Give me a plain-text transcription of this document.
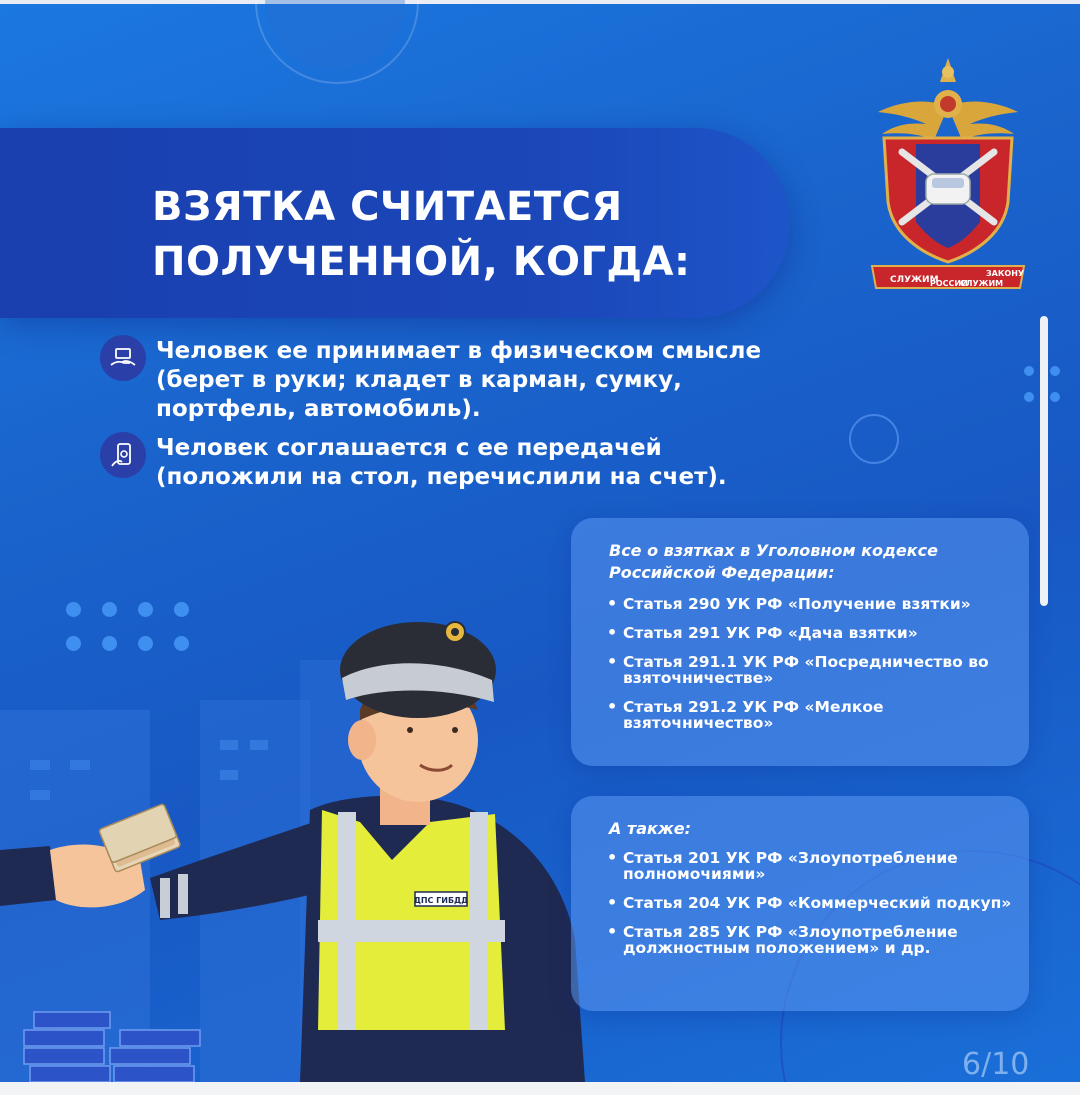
ВЗЯТКА СЧИТАЕТСЯ
ПОЛУЧЕННОЙ, КОГДА:	СЛУЖИМ
РОССИИ
СЛУЖИМ
ЗАКОНУ
Человек ее принимает в физическом смысле (берет в руки; кладет в карман, сумку, портфель, автомобиль).
Человек соглашается с ее передачей (положили на стол, перечислили на счет).
ДПС ГИБДД
Все о взятках в Уголовном кодексе Российской Федерации:
• Статья 290 УК РФ «Получение взятки»
• Статья 291 УК РФ «Дача взятки»
• Статья 291.1 УК РФ «Посредничество во взяточничестве»
• Статья 291.2 УК РФ «Мелкое взяточничество»
А также:
• Статья 201 УК РФ «Злоупотребление полномочиями»
• Статья 204 УК РФ «Коммерческий подкуп»
• Статья 285 УК РФ «Злоупотребление должностным положением» и др.
6/10
